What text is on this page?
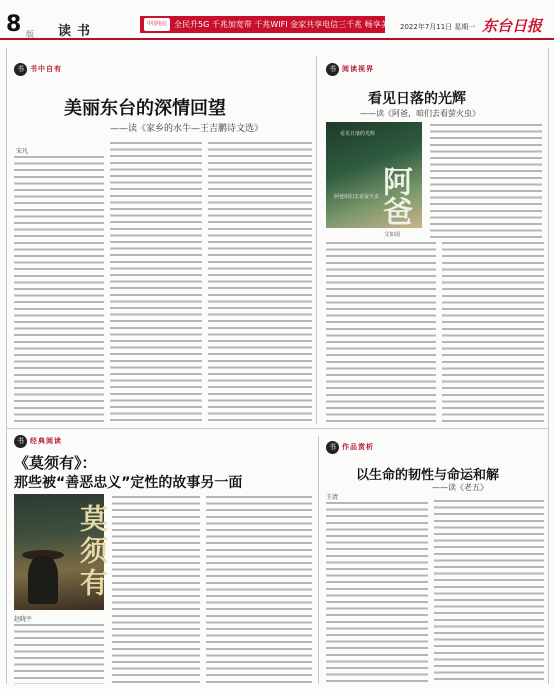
8 版 读书	中国电信 全民升5G 千兆加宽带 千兆WIFI 金家共享电信三千兆 畅享美丽新生活
2022年7月11日 星期一 东台日报
书 书中自有
美丽东台的深情回望
——读《家乡的水牛—王吉鹏诗文选》
宋凡
书 阅读视界
看见日落的光辉
——读《阿爸，咱们去看萤火虫》
看见日落的光辉
阿爸
阿爸咱们去看萤火虫
文如雨
书 经典阅读
《莫须有》：
那些被“善恶忠义”定性的故事另一面
莫须有
赵晓平
书 作品赏析
以生命的韧性与命运和解
——读《老五》
王清
